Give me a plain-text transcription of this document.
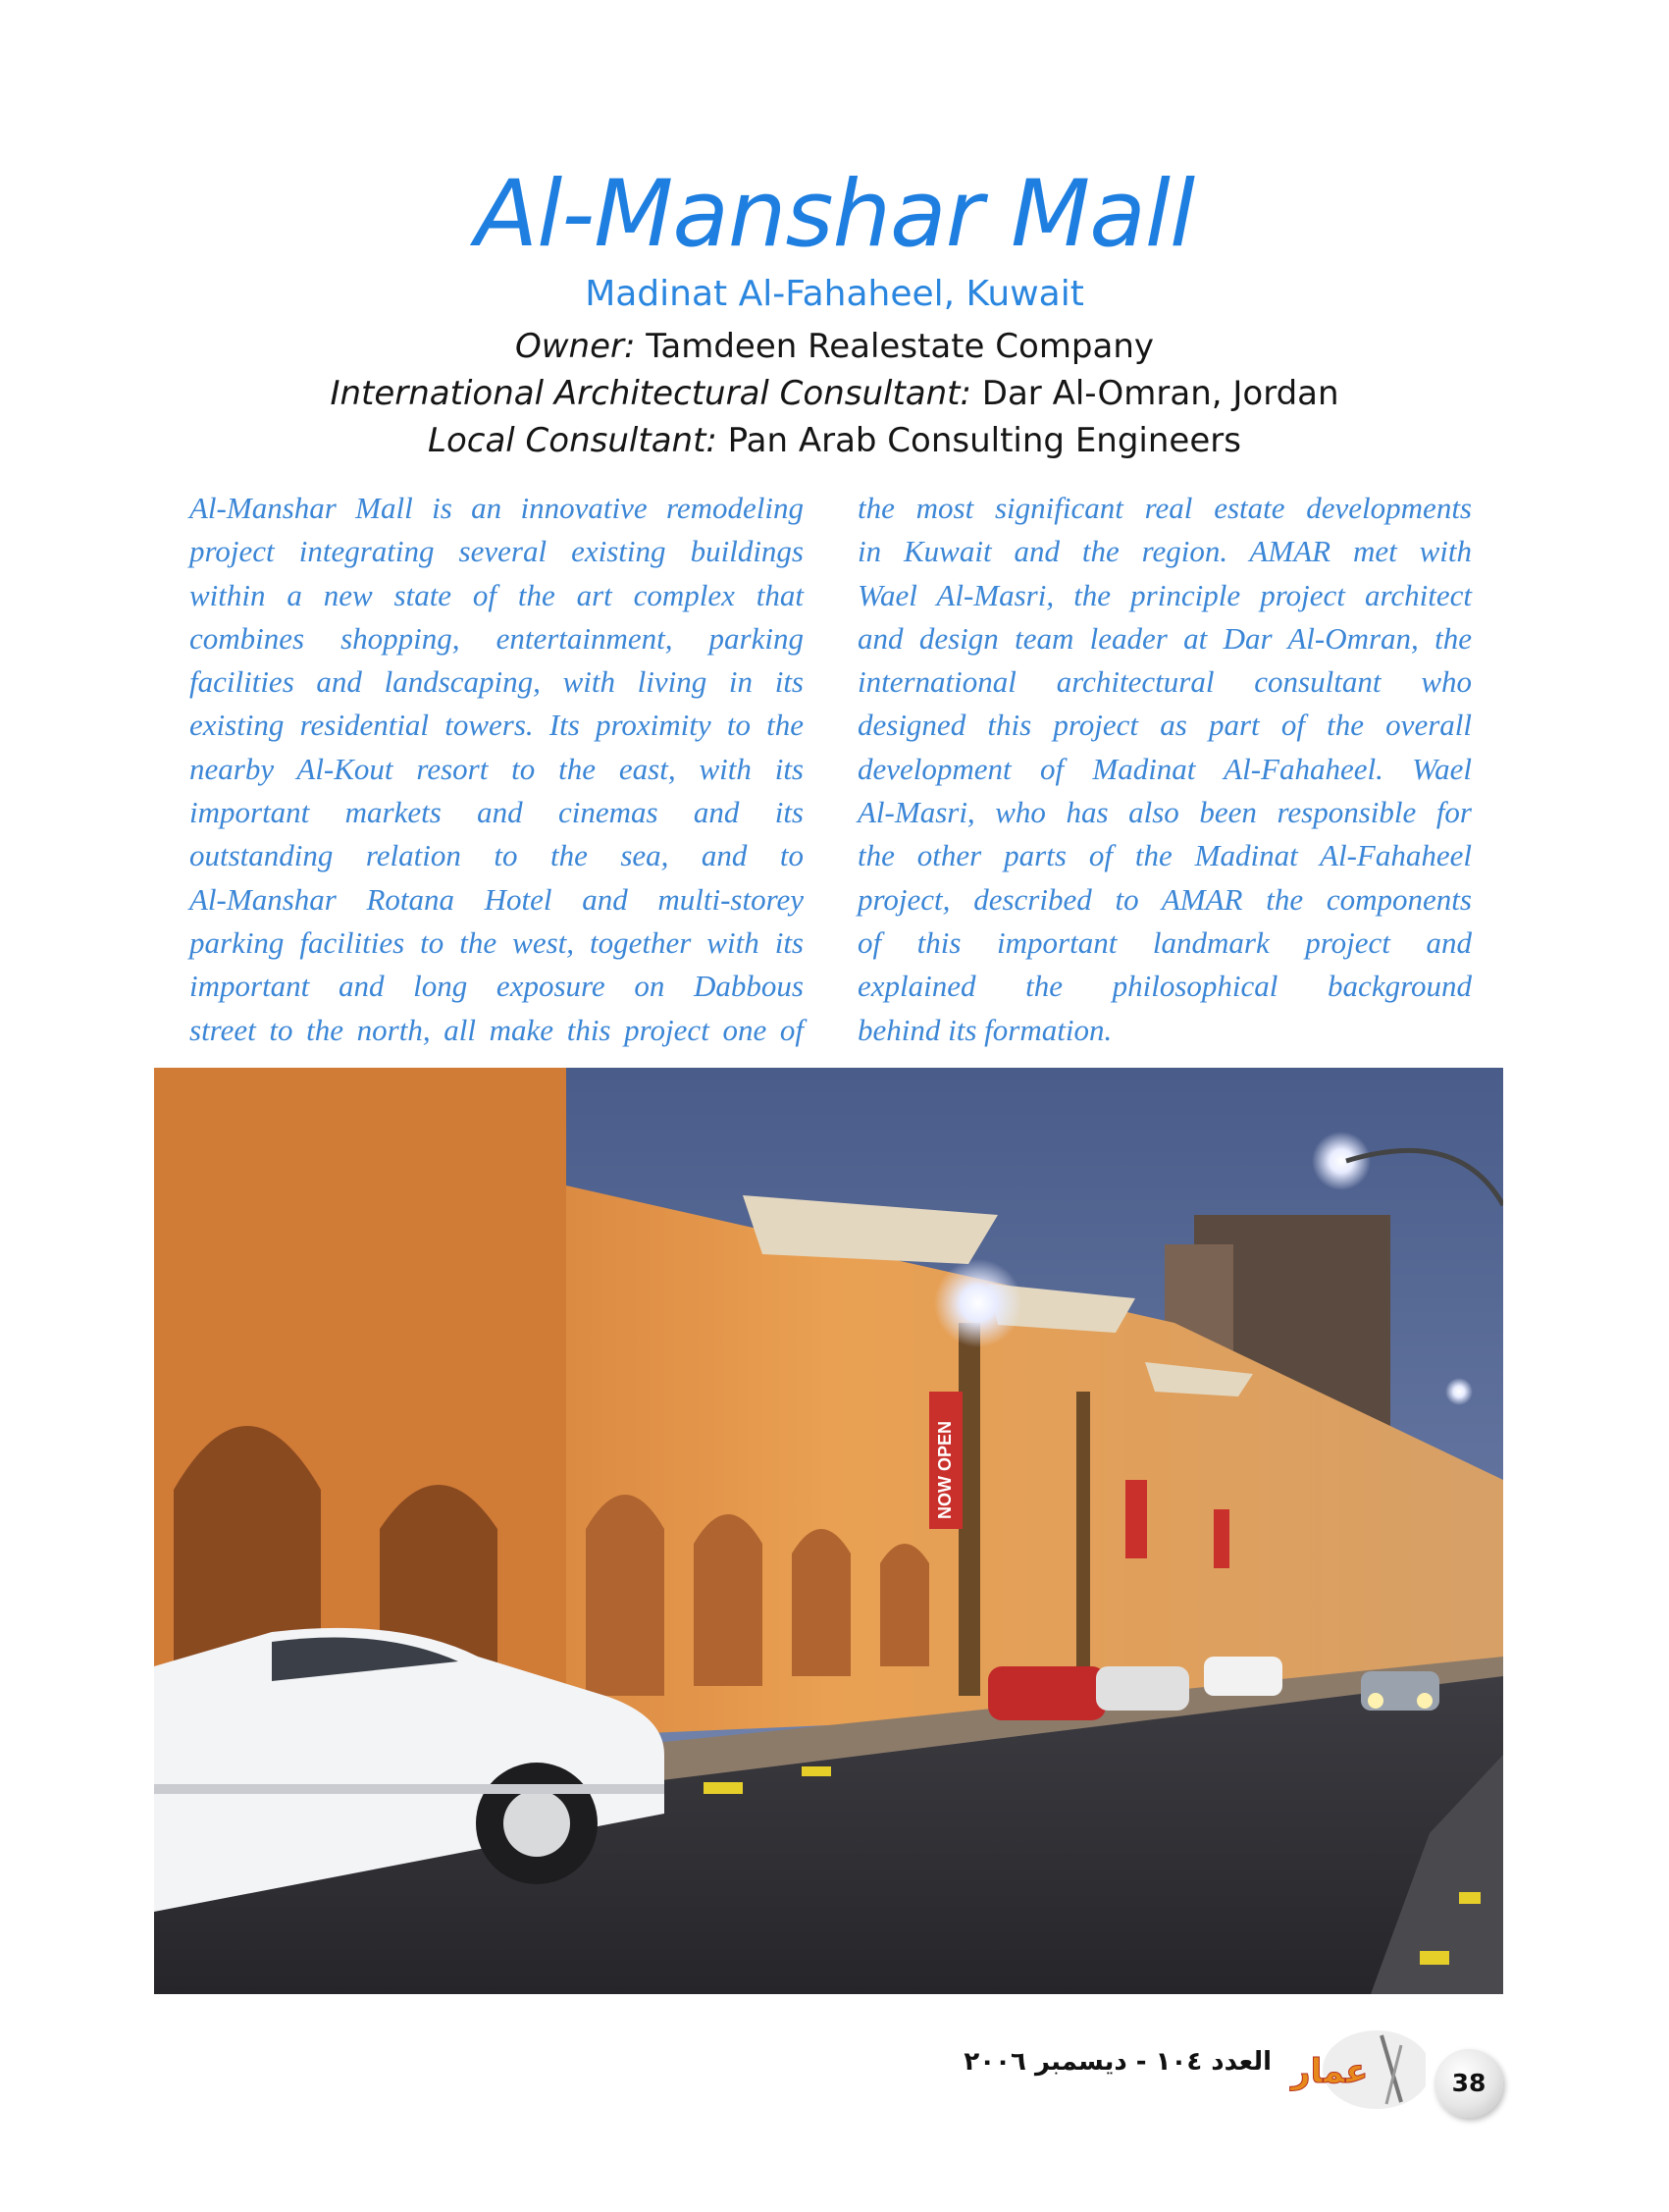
Al-Manshar Mall
Madinat Al-Fahaheel, Kuwait
Owner: Tamdeen Realestate Company
International Architectural Consultant: Dar Al-Omran, Jordan
Local Consultant: Pan Arab Consulting Engineers
Al-Manshar Mall is an innovative remodeling
project integrating several existing buildings
within a new state of the art complex that
combines shopping, entertainment, parking
facilities and landscaping, with living in its
existing residential towers. Its proximity to the
nearby Al-Kout resort to the east, with its
important markets and cinemas and its
outstanding relation to the sea, and to
Al-Manshar Rotana Hotel and multi-storey
parking facilities to the west, together with its
important and long exposure on Dabbous
street to the north, all make this project one of
the most significant real estate developments
in Kuwait and the region. AMAR met with
Wael Al-Masri, the principle project architect
and design team leader at Dar Al-Omran, the
international architectural consultant who
designed this project as part of the overall
development of Madinat Al-Fahaheel. Wael
Al-Masri, who has also been responsible for
the other parts of the Madinat Al-Fahaheel
project, described to AMAR the components
of this important landmark project and
explained the philosophical background
behind its formation.
NOW OPEN
العدد ١٠٤ - ديسمبر ٢٠٠٦ عمار	38
